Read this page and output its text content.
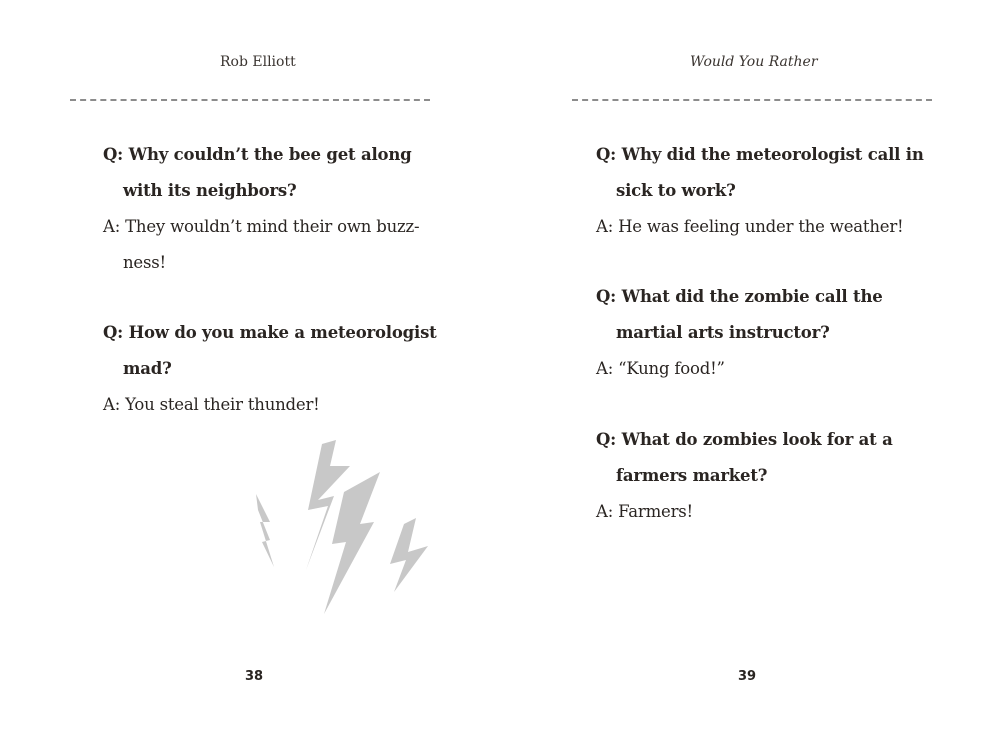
Rob Elliott
Q: Why couldn’t the bee get along
with its neighbors?
A: They wouldn’t mind their own buzz-
ness!
Q: How do you make a meteorologist
mad?
A: You steal their thunder!
38
Would You Rather
Q: Why did the meteorologist call in
sick to work?
A: He was feeling under the weather!
Q: What did the zombie call the
martial arts instructor?
A: “Kung food!”
Q: What do zombies look for at a
farmers market?
A: Farmers!
39
